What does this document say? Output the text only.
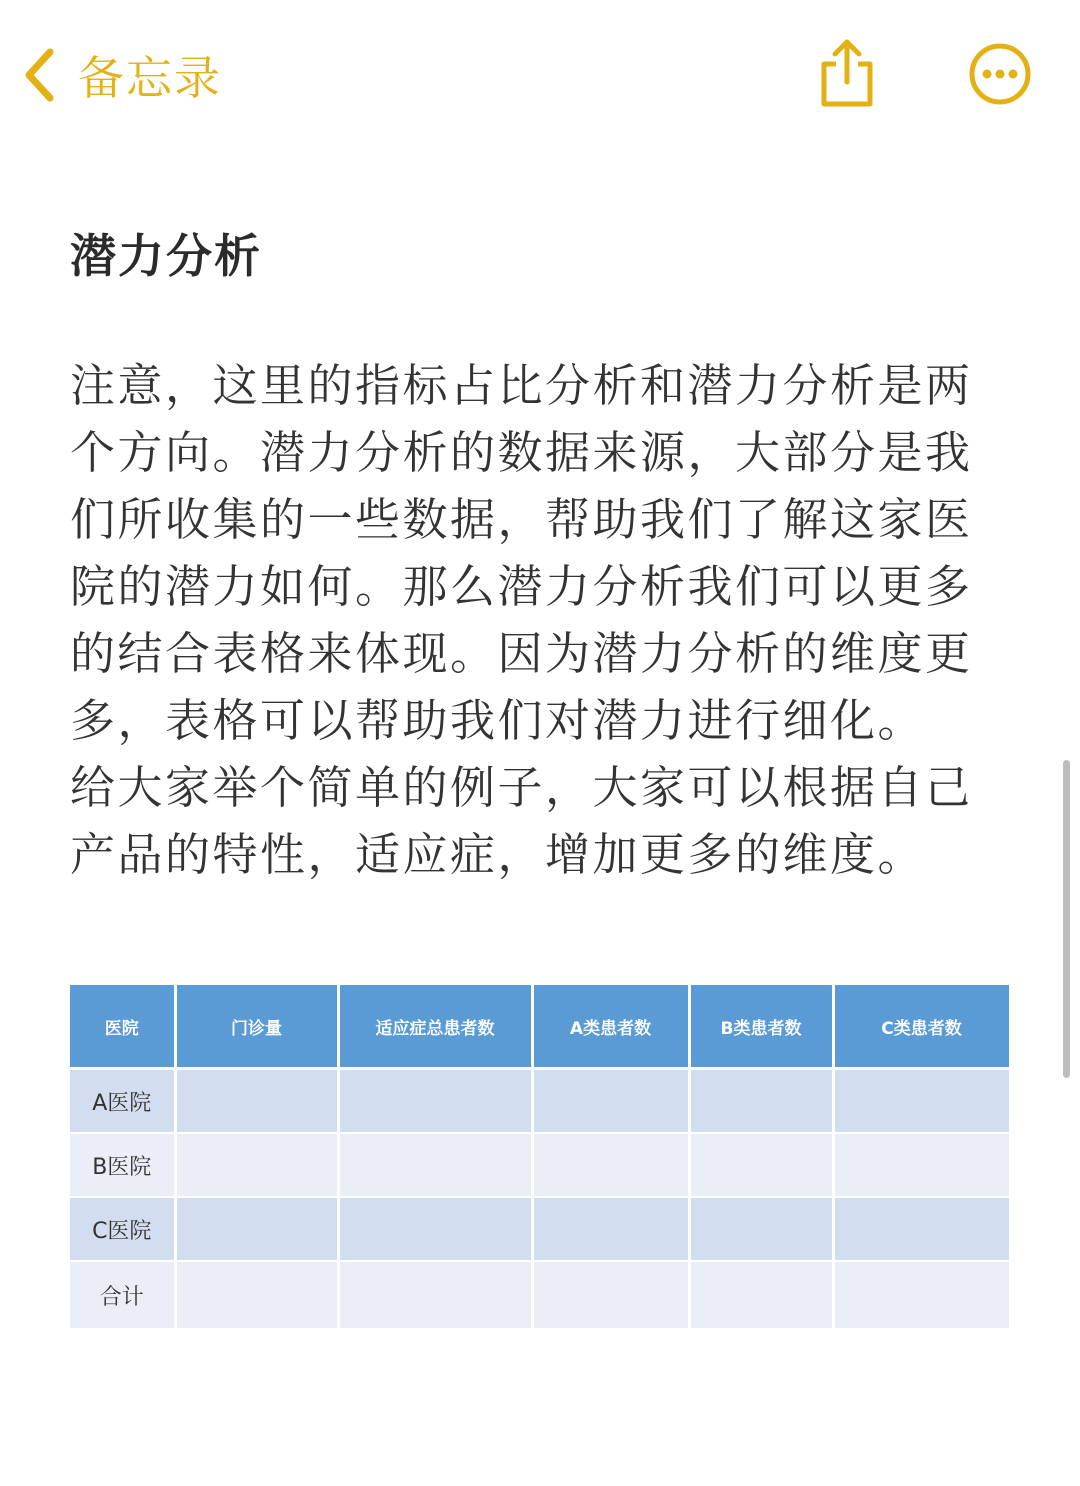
备忘录
潜力分析

注意，这里的指标占比分析和潜力分析是两个方向。潜力分析的数据来源，大部分是我们所收集的一些数据，帮助我们了解这家医院的潜力如何。那么潜力分析我们可以更多的结合表格来体现。因为潜力分析的维度更多，表格可以帮助我们对潜力进行细化。

给大家举个简单的例子，大家可以根据自己产品的特性，适应症，增加更多的维度。

医院	门诊量	适应症总患者数	A类患者数	B类患者数	C类患者数
A医院					
B医院					
C医院					
合计					
